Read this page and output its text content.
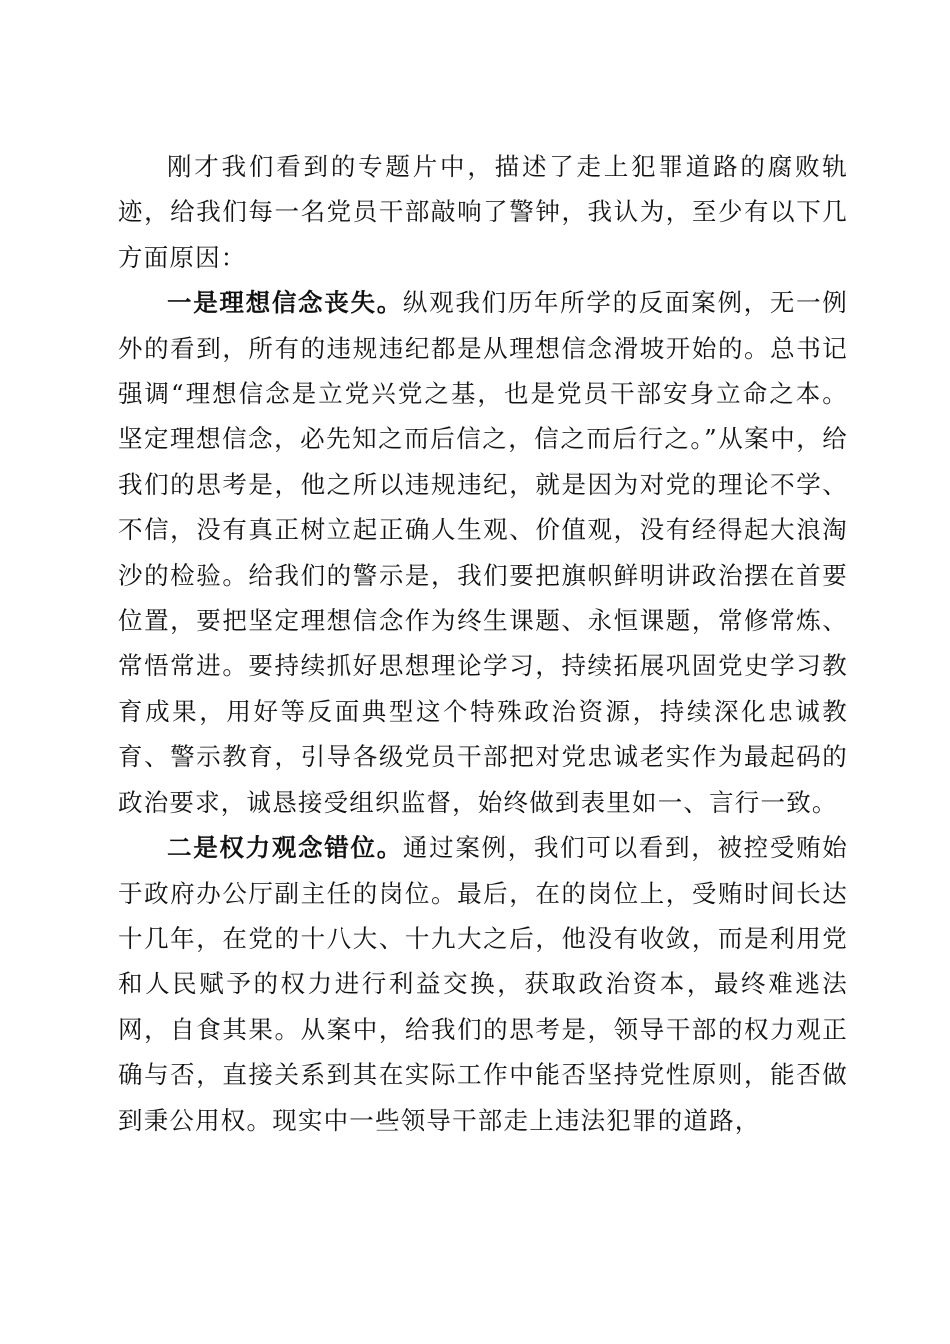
刚才我们看到的专题片中，描述了走上犯罪道路的腐败轨迹，给我们每一名党员干部敲响了警钟，我认为，至少有以下几方面原因：

一是理想信念丧失。纵观我们历年所学的反面案例，无一例外的看到，所有的违规违纪都是从理想信念滑坡开始的。总书记强调“理想信念是立党兴党之基，也是党员干部安身立命之本。坚定理想信念，必先知之而后信之，信之而后行之。”从案中，给我们的思考是，他之所以违规违纪，就是因为对党的理论不学、不信，没有真正树立起正确人生观、价值观，没有经得起大浪淘沙的检验。给我们的警示是，我们要把旗帜鲜明讲政治摆在首要位置，要把坚定理想信念作为终生课题、永恒课题，常修常炼、常悟常进。要持续抓好思想理论学习，持续拓展巩固党史学习教育成果，用好等反面典型这个特殊政治资源，持续深化忠诚教育、警示教育，引导各级党员干部把对党忠诚老实作为最起码的政治要求，诚恳接受组织监督，始终做到表里如一、言行一致。

二是权力观念错位。通过案例，我们可以看到，被控受贿始于政府办公厅副主任的岗位。最后，在的岗位上，受贿时间长达十几年，在党的十八大、十九大之后，他没有收敛，而是利用党和人民赋予的权力进行利益交换，获取政治资本，最终难逃法网，自食其果。从案中，给我们的思考是，领导干部的权力观正确与否，直接关系到其在实际工作中能否坚持党性原则，能否做到秉公用权。现实中一些领导干部走上违法犯罪的道路，
